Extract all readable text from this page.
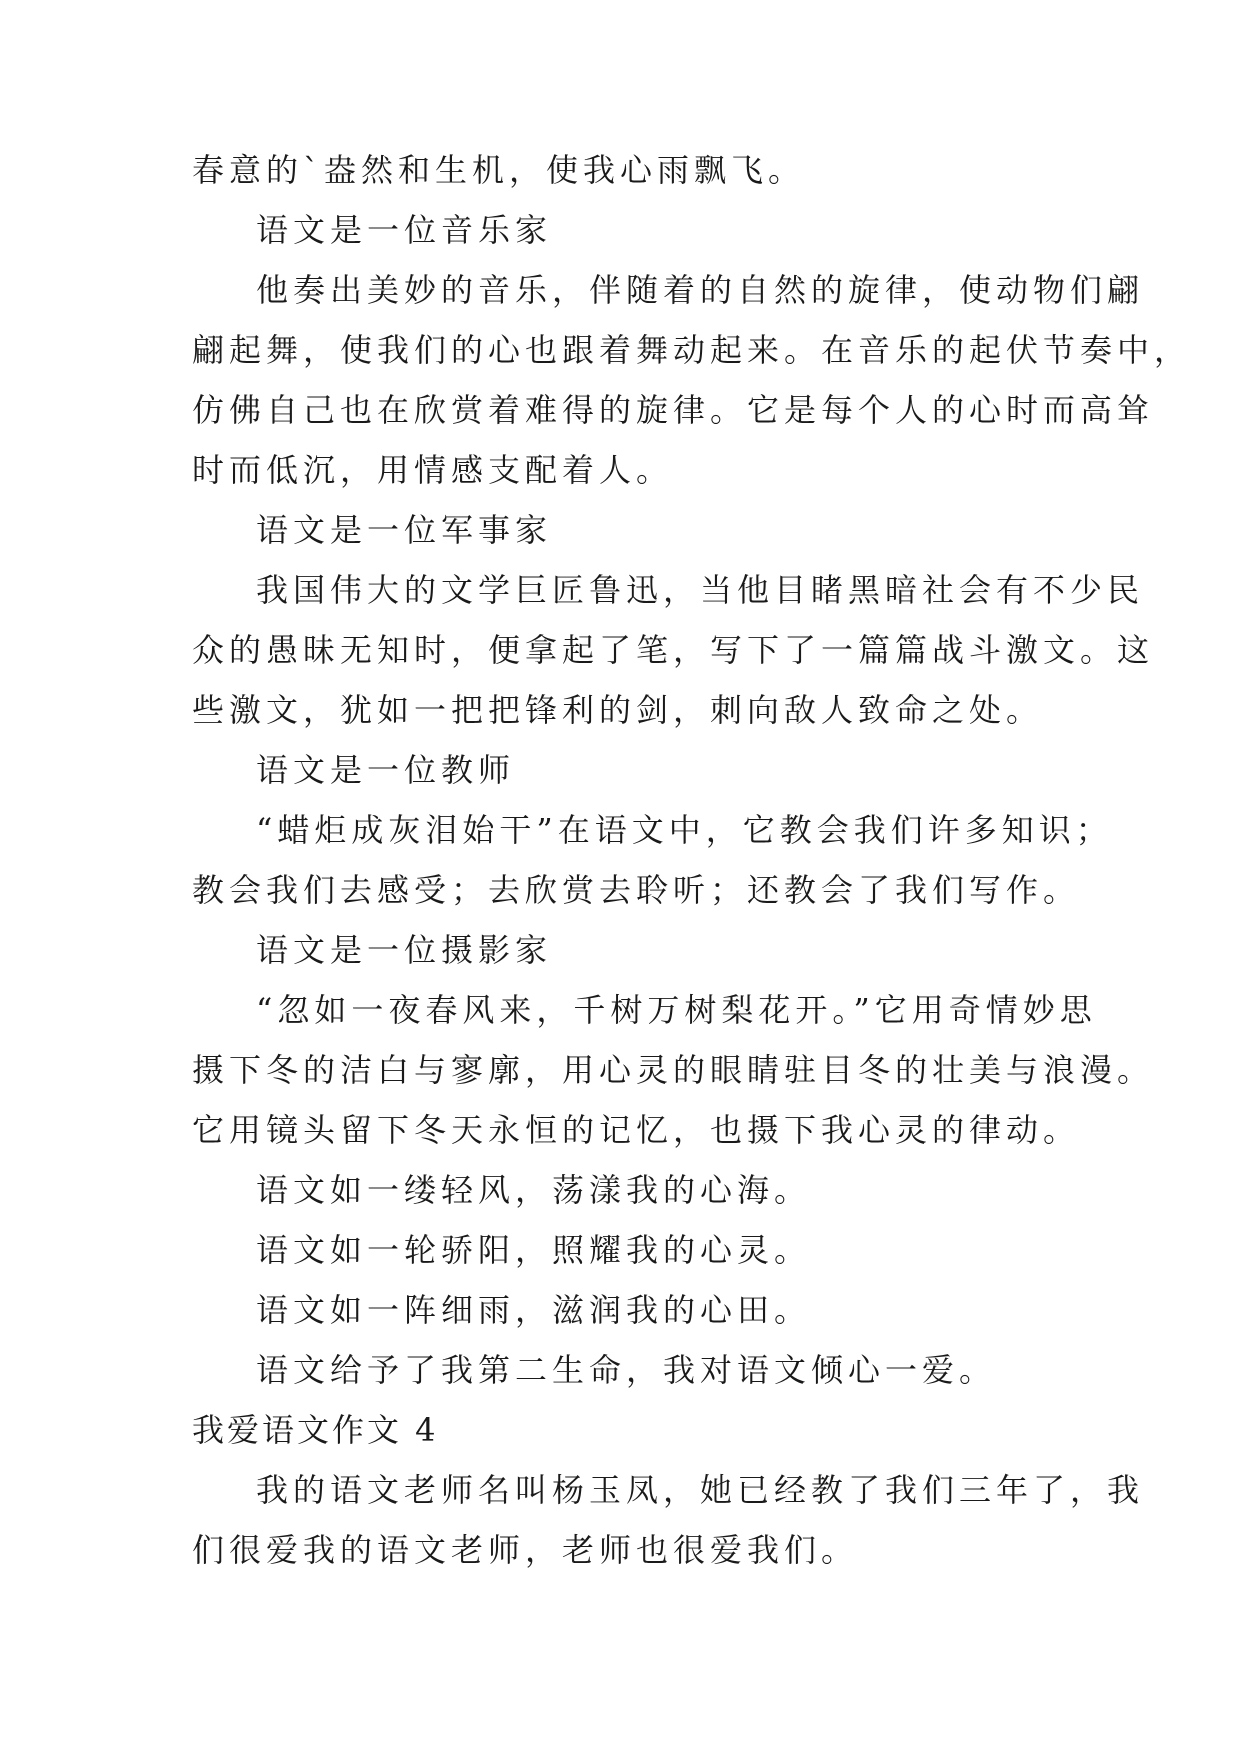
春意的`盎然和生机，使我心雨飘飞。
语文是一位音乐家
他奏出美妙的音乐，伴随着的自然的旋律，使动物们翩
翩起舞，使我们的心也跟着舞动起来。在音乐的起伏节奏中，
仿佛自己也在欣赏着难得的旋律。它是每个人的心时而高耸
时而低沉，用情感支配着人。
语文是一位军事家
我国伟大的文学巨匠鲁迅，当他目睹黑暗社会有不少民
众的愚昧无知时，便拿起了笔，写下了一篇篇战斗激文。这
些激文，犹如一把把锋利的剑，刺向敌人致命之处。
语文是一位教师
“蜡炬成灰泪始干”在语文中，它教会我们许多知识；
教会我们去感受；去欣赏去聆听；还教会了我们写作。
语文是一位摄影家
“忽如一夜春风来，千树万树梨花开。”它用奇情妙思
摄下冬的洁白与寥廓，用心灵的眼睛驻目冬的壮美与浪漫。
它用镜头留下冬天永恒的记忆，也摄下我心灵的律动。
语文如一缕轻风，荡漾我的心海。
语文如一轮骄阳，照耀我的心灵。
语文如一阵细雨，滋润我的心田。
语文给予了我第二生命，我对语文倾心一爱。
我爱语文作文 4
我的语文老师名叫杨玉凤，她已经教了我们三年了，我
们很爱我的语文老师，老师也很爱我们。
